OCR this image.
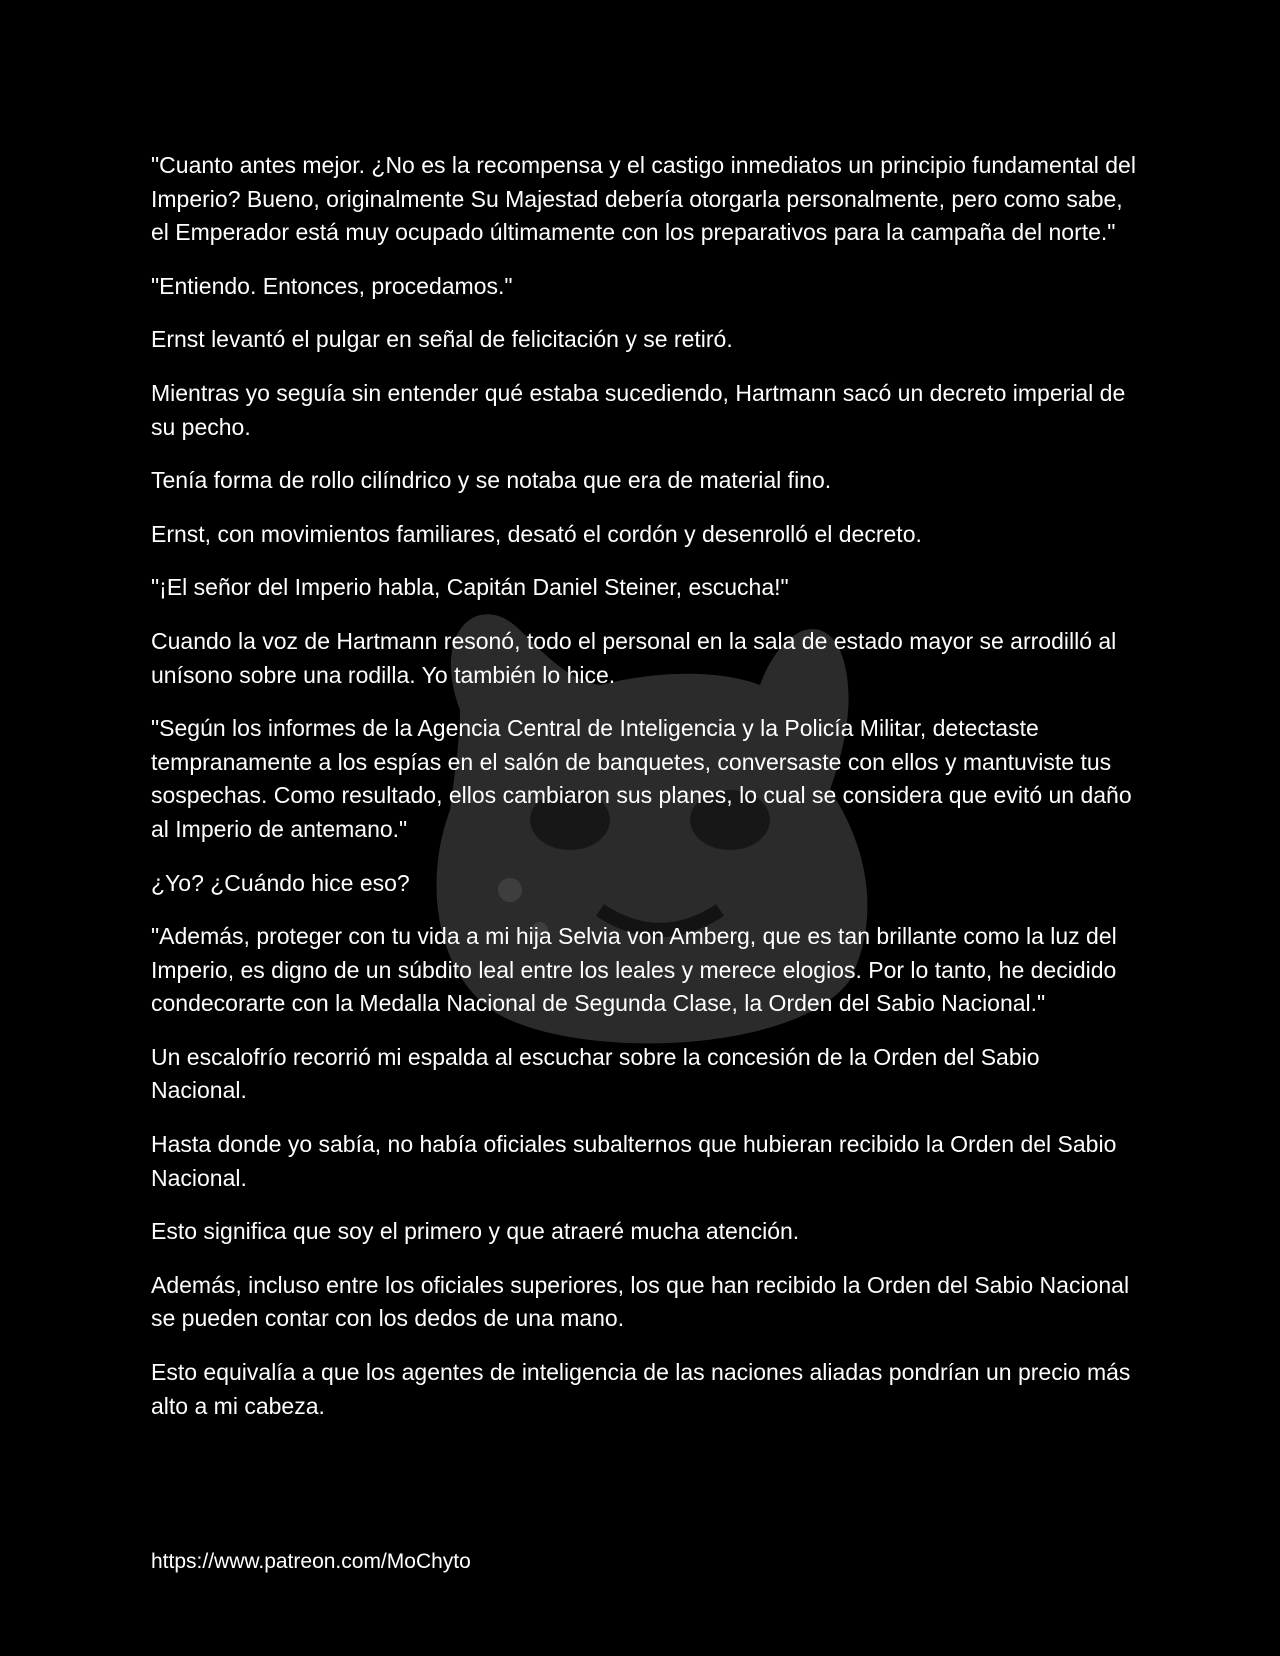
"Cuanto antes mejor. ¿No es la recompensa y el castigo inmediatos un principio fundamental del Imperio? Bueno, originalmente Su Majestad debería otorgarla personalmente, pero como sabe, el Emperador está muy ocupado últimamente con los preparativos para la campaña del norte."

"Entiendo. Entonces, procedamos."

Ernst levantó el pulgar en señal de felicitación y se retiró.

Mientras yo seguía sin entender qué estaba sucediendo, Hartmann sacó un decreto imperial de su pecho.

Tenía forma de rollo cilíndrico y se notaba que era de material fino.

Ernst, con movimientos familiares, desató el cordón y desenrolló el decreto.

"¡El señor del Imperio habla, Capitán Daniel Steiner, escucha!"

Cuando la voz de Hartmann resonó, todo el personal en la sala de estado mayor se arrodilló al unísono sobre una rodilla. Yo también lo hice.

"Según los informes de la Agencia Central de Inteligencia y la Policía Militar, detectaste tempranamente a los espías en el salón de banquetes, conversaste con ellos y mantuviste tus sospechas. Como resultado, ellos cambiaron sus planes, lo cual se considera que evitó un daño al Imperio de antemano."

¿Yo? ¿Cuándo hice eso?

"Además, proteger con tu vida a mi hija Selvia von Amberg, que es tan brillante como la luz del Imperio, es digno de un súbdito leal entre los leales y merece elogios. Por lo tanto, he decidido condecorarte con la Medalla Nacional de Segunda Clase, la Orden del Sabio Nacional."

Un escalofrío recorrió mi espalda al escuchar sobre la concesión de la Orden del Sabio Nacional.

Hasta donde yo sabía, no había oficiales subalternos que hubieran recibido la Orden del Sabio Nacional.

Esto significa que soy el primero y que atraeré mucha atención.

Además, incluso entre los oficiales superiores, los que han recibido la Orden del Sabio Nacional se pueden contar con los dedos de una mano.

Esto equivalía a que los agentes de inteligencia de las naciones aliadas pondrían un precio más alto a mi cabeza.

https://www.patreon.com/MoChyto
